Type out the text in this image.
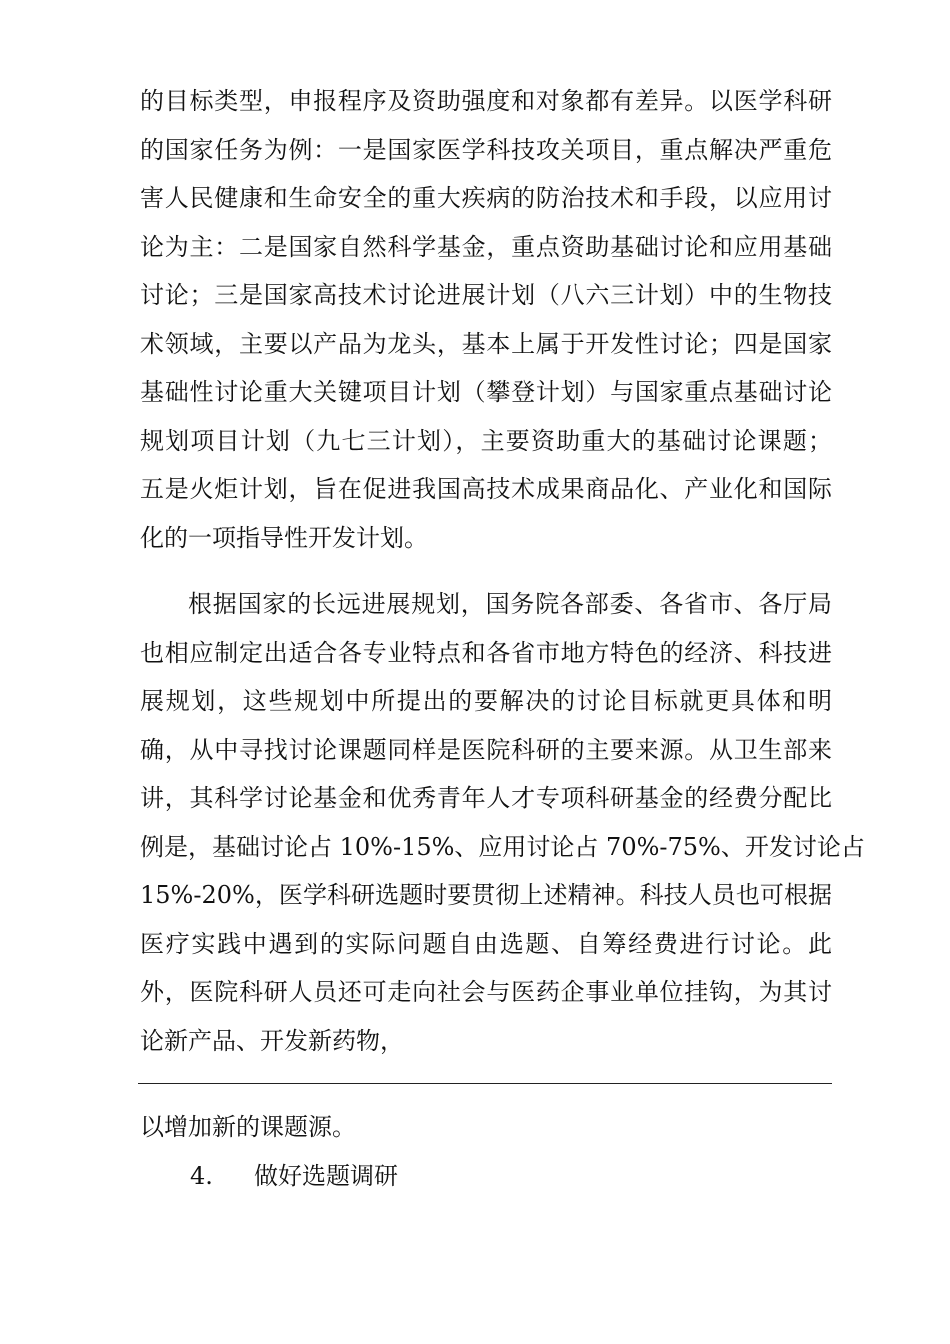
的目标类型，申报程序及资助强度和对象都有差异。以医学科研
的国家任务为例：一是国家医学科技攻关项目，重点解决严重危
害人民健康和生命安全的重大疾病的防治技术和手段，以应用讨
论为主：二是国家自然科学基金，重点资助基础讨论和应用基础
讨论；三是国家高技术讨论进展计划（八六三计划）中的生物技
术领域，主要以产品为龙头，基本上属于开发性讨论；四是国家
基础性讨论重大关键项目计划（攀登计划）与国家重点基础讨论
规划项目计划（九七三计划），主要资助重大的基础讨论课题；
五是火炬计划，旨在促进我国高技术成果商品化、产业化和国际
化的一项指导性开发计划。
根据国家的长远进展规划，国务院各部委、各省市、各厅局
也相应制定出适合各专业特点和各省市地方特色的经济、科技进
展规划，这些规划中所提出的要解决的讨论目标就更具体和明
确，从中寻找讨论课题同样是医院科研的主要来源。从卫生部来
讲，其科学讨论基金和优秀青年人才专项科研基金的经费分配比
例是，基础讨论占 10%-15%、应用讨论占 70%-75%、开发讨论占
15%-20%，医学科研选题时要贯彻上述精神。科技人员也可根据
医疗实践中遇到的实际问题自由选题、自筹经费进行讨论。此
外，医院科研人员还可走向社会与医药企事业单位挂钩，为其讨
论新产品、开发新药物，
以增加新的课题源。
4. 做好选题调研
